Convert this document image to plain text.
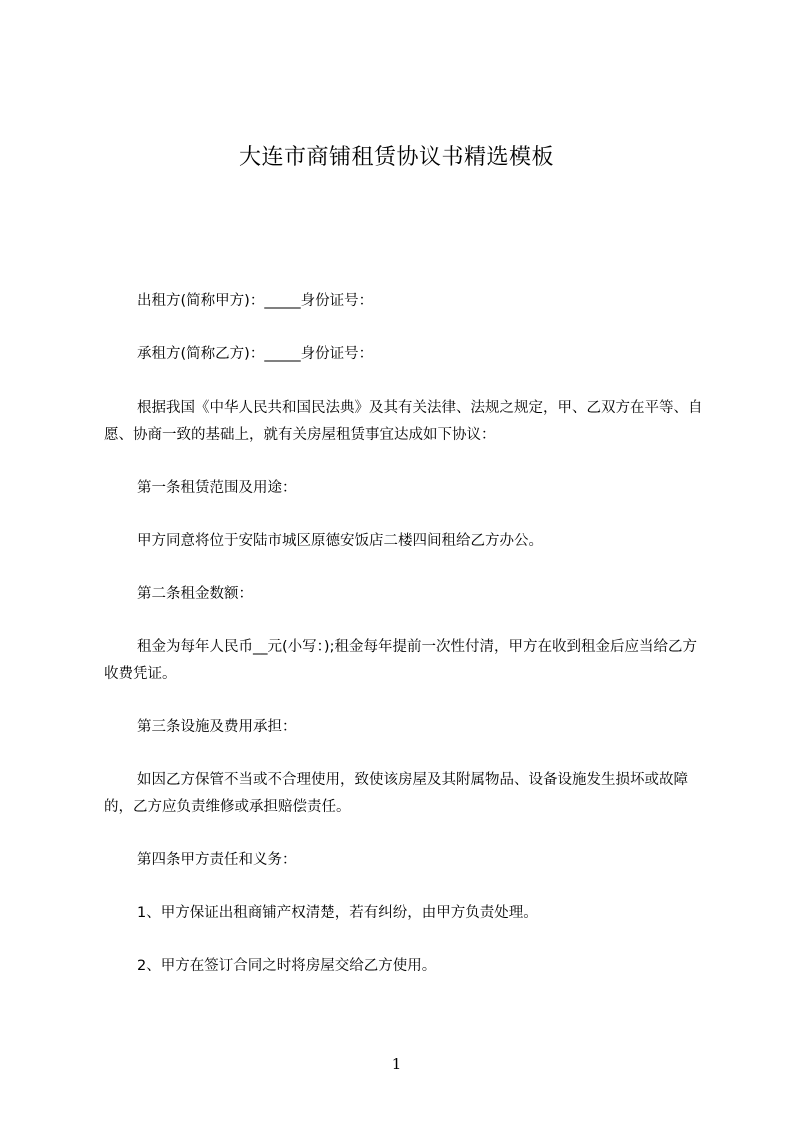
大连市商铺租赁协议书精选模板
出租方(简称甲方)：_____身份证号：
承租方(简称乙方)：_____身份证号：
根据我国《中华人民共和国民法典》及其有关法律、法规之规定，甲、乙双方在平等、自愿、协商一致的基础上，就有关房屋租赁事宜达成如下协议：
第一条租赁范围及用途：
甲方同意将位于安陆市城区原德安饭店二楼四间租给乙方办公。
第二条租金数额：
租金为每年人民币__元(小写：);租金每年提前一次性付清，甲方在收到租金后应当给乙方收费凭证。
第三条设施及费用承担：
如因乙方保管不当或不合理使用，致使该房屋及其附属物品、设备设施发生损坏或故障的，乙方应负责维修或承担赔偿责任。
第四条甲方责任和义务：
1、甲方保证出租商铺产权清楚，若有纠纷，由甲方负责处理。
2、甲方在签订合同之时将房屋交给乙方使用。
1
